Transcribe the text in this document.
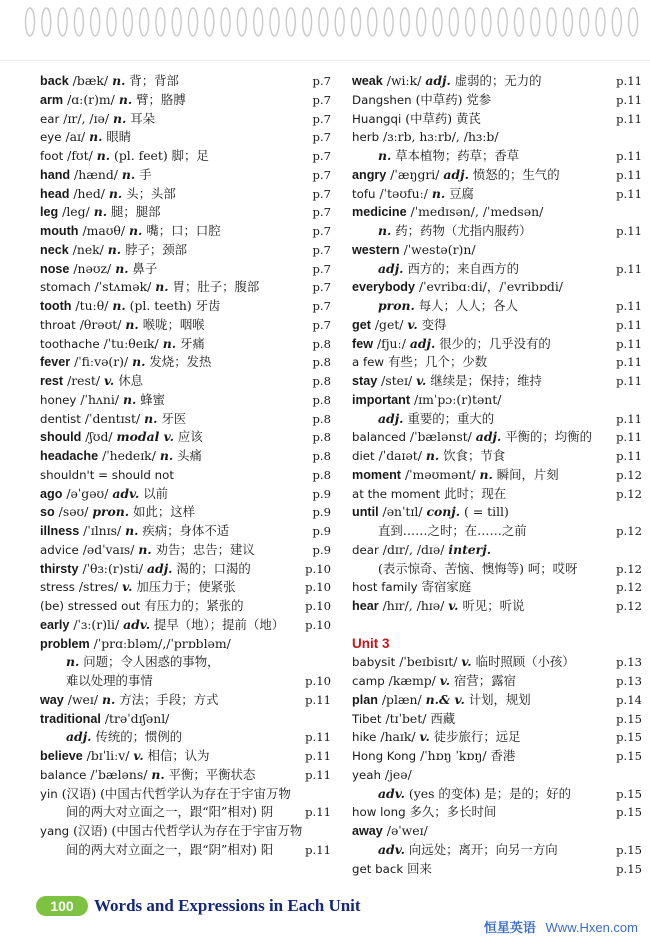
back /bæk/ n. 背；背部	p.7
arm /ɑː(r)m/ n. 臂；胳膊	p.7
ear /ɪr/, /ɪə/ n. 耳朵	p.7
eye /aɪ/ n. 眼睛	p.7
foot /fʊt/ n. (pl. feet) 脚；足	p.7
hand /hænd/ n. 手	p.7
head /hed/ n. 头；头部	p.7
leg /leg/ n. 腿；腿部	p.7
mouth /maʊθ/ n. 嘴；口；口腔	p.7
neck /nek/ n. 脖子；颈部	p.7
nose /nəʊz/ n. 鼻子	p.7
stomach /ˈstʌmək/ n. 胃；肚子；腹部	p.7
tooth /tuːθ/ n. (pl. teeth) 牙齿	p.7
throat /θrəʊt/ n. 喉咙；咽喉	p.7
toothache /ˈtuːθeɪk/ n. 牙痛	p.8
fever /ˈfiːvə(r)/ n. 发烧；发热	p.8
rest /rest/ v. 休息	p.8
honey /ˈhʌni/ n. 蜂蜜	p.8
dentist /ˈdentɪst/ n. 牙医	p.8
should /ʃʊd/ modal v. 应该	p.8
headache /ˈhedeɪk/ n. 头痛	p.8
shouldn't = should not	p.8
ago /əˈgəʊ/ adv. 以前	p.9
so /səʊ/ pron. 如此；这样	p.9
illness /ˈɪlnɪs/ n. 疾病；身体不适	p.9
advice /ədˈvaɪs/ n. 劝告；忠告；建议	p.9
thirsty /ˈθɜː(r)sti/ adj. 渴的；口渴的	p.10
stress /stres/ v. 加压力于；使紧张	p.10
(be) stressed out 有压力的；紧张的	p.10
early /ˈɜː(r)li/ adv. 提早（地）；提前（地） p.10
problem /ˈprɑːbləm/,/ˈprɒbləm/
n. 问题；令人困惑的事物，
难以处理的事情	p.10
way /weɪ/ n. 方法；手段；方式	p.11
traditional /trəˈdɪʃənl/
adj. 传统的；惯例的	p.11
believe /bɪˈliːv/ v. 相信；认为	p.11
balance /ˈbæləns/ n. 平衡；平衡状态	p.11
yin (汉语) (中国古代哲学认为存在于宇宙万物
间的两大对立面之一，跟“阳”相对) 阴	p.11
yang (汉语) (中国古代哲学认为存在于宇宙万物
间的两大对立面之一，跟“阴”相对) 阳	p.11
weak /wiːk/ adj. 虚弱的；无力的	p.11
Dangshen (中草药) 党参	p.11
Huangqi (中草药) 黄芪	p.11
herb /ɜːrb, hɜːrb/, /hɜːb/
n. 草本植物；药草；香草	p.11
angry /ˈæŋgri/ adj. 愤怒的；生气的	p.11
tofu /ˈtəʊfuː/ n. 豆腐	p.11
medicine /ˈmedɪsən/, /ˈmedsən/
n. 药；药物（尤指内服药）	p.11
western /ˈwestə(r)n/
adj. 西方的；来自西方的	p.11
everybody /ˈevribɑːdi/，/ˈevribɒdi/
pron. 每人；人人；各人	p.11
get /get/ v. 变得	p.11
few /fjuː/ adj. 很少的；几乎没有的	p.11
a few 有些；几个；少数	p.11
stay /steɪ/ v. 继续是；保持；维持	p.11
important /ɪmˈpɔː(r)tənt/
adj. 重要的；重大的	p.11
balanced /ˈbælənst/ adj. 平衡的；均衡的 p.11
diet /ˈdaɪət/ n. 饮食；节食	p.11
moment /ˈməʊmənt/ n. 瞬间，片刻	p.12
at the moment 此时；现在	p.12
until /ənˈtɪl/ conj. ( = till)
直到……之时；在……之前	p.12
dear /dɪr/, /dɪə/ interj.
(表示惊奇、苦恼、懊悔等) 呵；哎呀	p.12
host family 寄宿家庭	p.12
hear /hɪr/, /hɪə/ v. 听见；听说	p.12
Unit 3
babysit /ˈbeɪbisɪt/ v. 临时照顾（小孩）	p.13
camp /kæmp/ v. 宿营；露宿	p.13
plan /plæn/ n.& v. 计划，规划	p.14
Tibet /tɪˈbet/ 西藏	p.15
hike /haɪk/ v. 徒步旅行；远足	p.15
Hong Kong /ˈhɒŋ ˈkɒŋ/ 香港	p.15
yeah /jeə/
adv. (yes 的变体) 是；是的；好的	p.15
how long 多久；多长时间	p.15
away /əˈweɪ/
adv. 向远处；离开；向另一方向	p.15
get back 回来	p.15
100	Words and Expressions in Each Unit
恒星英语 Www.Hxen.com
